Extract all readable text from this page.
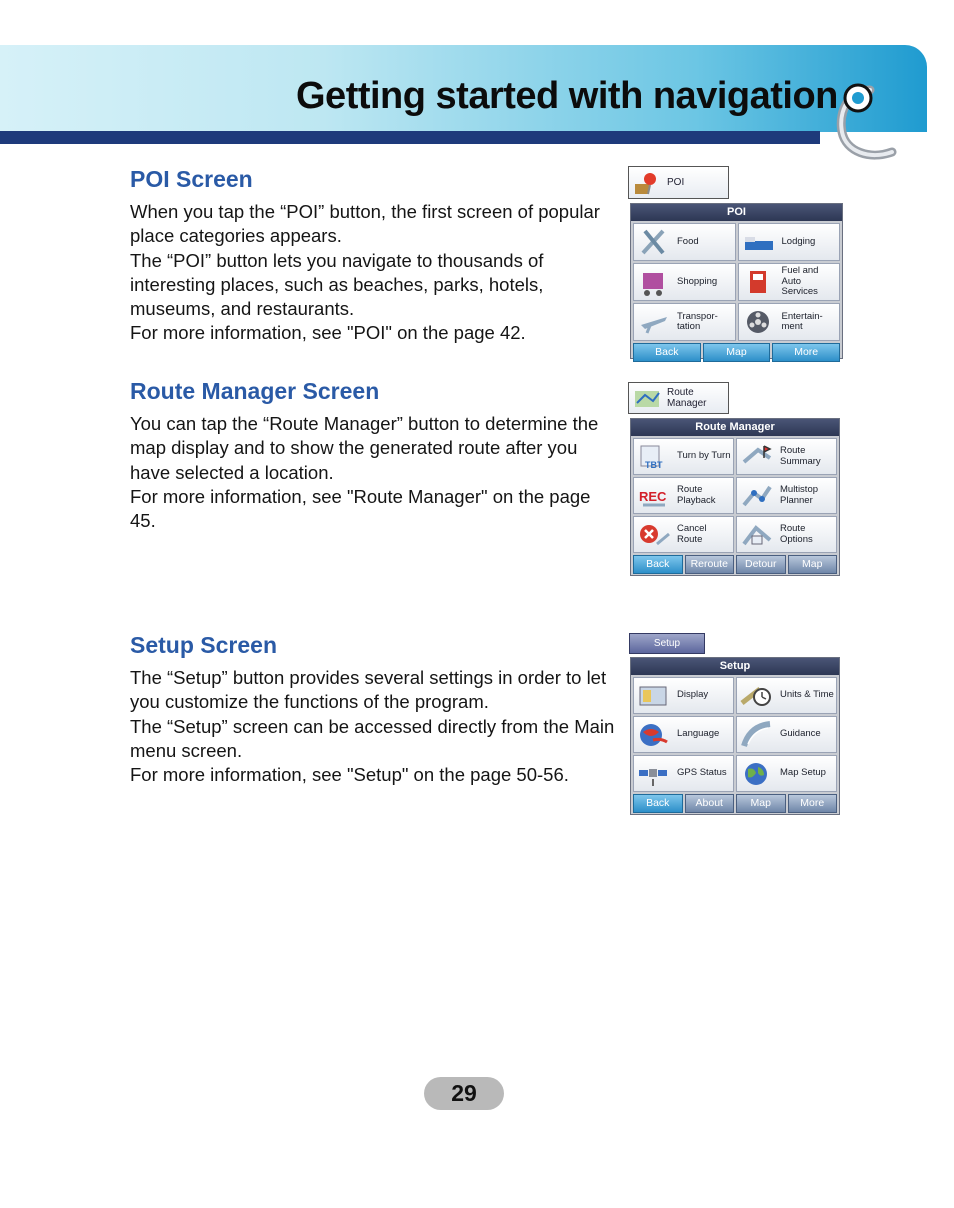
Getting started with navigation
POI Screen

When you tap the “POI” button, the first screen of popular place categories appears.

The “POI” button lets you navigate to thousands of interesting places, such as beaches, parks, hotels, museums, and restaurants.

For more information, see "POI" on the page 42.

POI
POI
Food	Lodging
Shopping
Fuel and Auto Services
Transpor-tation
Entertain-ment
Back	Map	More
Route Manager Screen

You can tap the “Route Manager” button to determine the map display and to show the generated route after you have selected a location.

For more information, see "Route Manager" on the page 45.

Route Manager
Route Manager
TBT
Turn by Turn	Route Summary
REC Route Playback
Multistop Planner
Cancel Route
Route Options
Back	Reroute	Detour	Map
Setup Screen

The “Setup” button provides several settings in order to let you customize the functions of the program.

The “Setup” screen can be accessed directly from the Main menu screen.

For more information, see "Setup" on the page 50-56.

Setup
Setup
Display	Units & Time
Language	Guidance
GPS Status	Map Setup
Back	About	Map	More
29
